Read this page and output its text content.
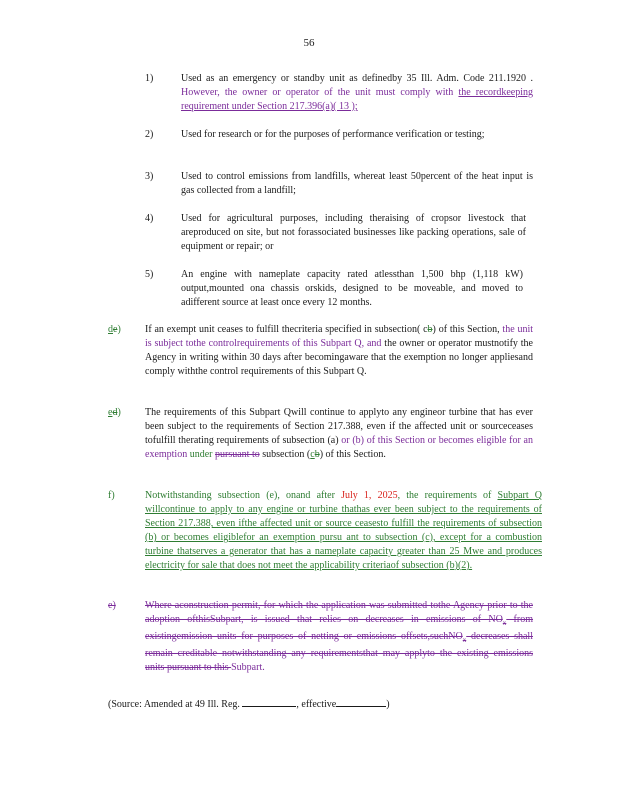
56
1)	Used as an emergency or standby unit as definedby 35 Ill. Adm. Code 211.1920 . However, the owner or operator of the unit must comply with the recordkeeping requirement under Section 217.396(a)( 13 );
2)	Used for research or for the purposes of performance verification or testing;
3)	Used to control emissions from landfills, whereat least 50percent of the heat input is gas collected from a landfill;
4)	Used for agricultural purposes, including theraising of cropsor livestock that areproduced on site, but not forassociated businesses like packing operations, sale of equipment or repair; or
5)	An engine with nameplate capacity rated atlessthan 1,500 bhp (1,118 kW) output,mounted ona chassis orskids, designed to be moveable, and moved to adifferent source at least once every 12 months.
de)	If an exempt unit ceases to fulfill thecriteria specified in subsection( cb) of this Section, the unit is subject tothe controlrequirements of this Subpart Q, and the owner or operator mustnotify the Agency in writing within 30 days after becomingaware that the exemption no longer appliesand comply withthe control requirements of this Subpart Q.
ed)	The requirements of this Subpart Qwill continue to applyto any engineor turbine that has ever been subject to the requirements of Section 217.388, even if the affected unit or sourceceases tofulfill therating requirements of subsection (a) or (b) of this Section or becomes eligible for an exemption under pursuant to subsection (cb) of this Section.
f)	Notwithstanding subsection (e), onand after July 1, 2025, the requirements of Subpart Q willcontinue to apply to any engine or turbine thathas ever been subject to the requirements of Section 217.388, even ifthe affected unit or source ceasesto fulfill the requirements of subsection (b) or becomes eligiblefor an exemption pursu ant to subsection (c), except for a combustion turbine thatserves a generator that has a nameplate capacity greater than 25 Mwe and produces electricity for sale that does not meet the applicability criteriaof subsection (b)(2).
e)	Where aconstruction permit, for which the application was submitted tothe Agency prior to the adoption ofthisSubpart, is issued that relies on decreases in emissions of $NO_x$ from existingemission units for purposes of netting or emissions offsets,suchNO$_x$ decreases shall remain creditable notwithstanding any requirementsthat may applyto the existing emissions units pursuant to this Subpart.
(Source: Amended at 49 Ill. Reg.	, effective	)
